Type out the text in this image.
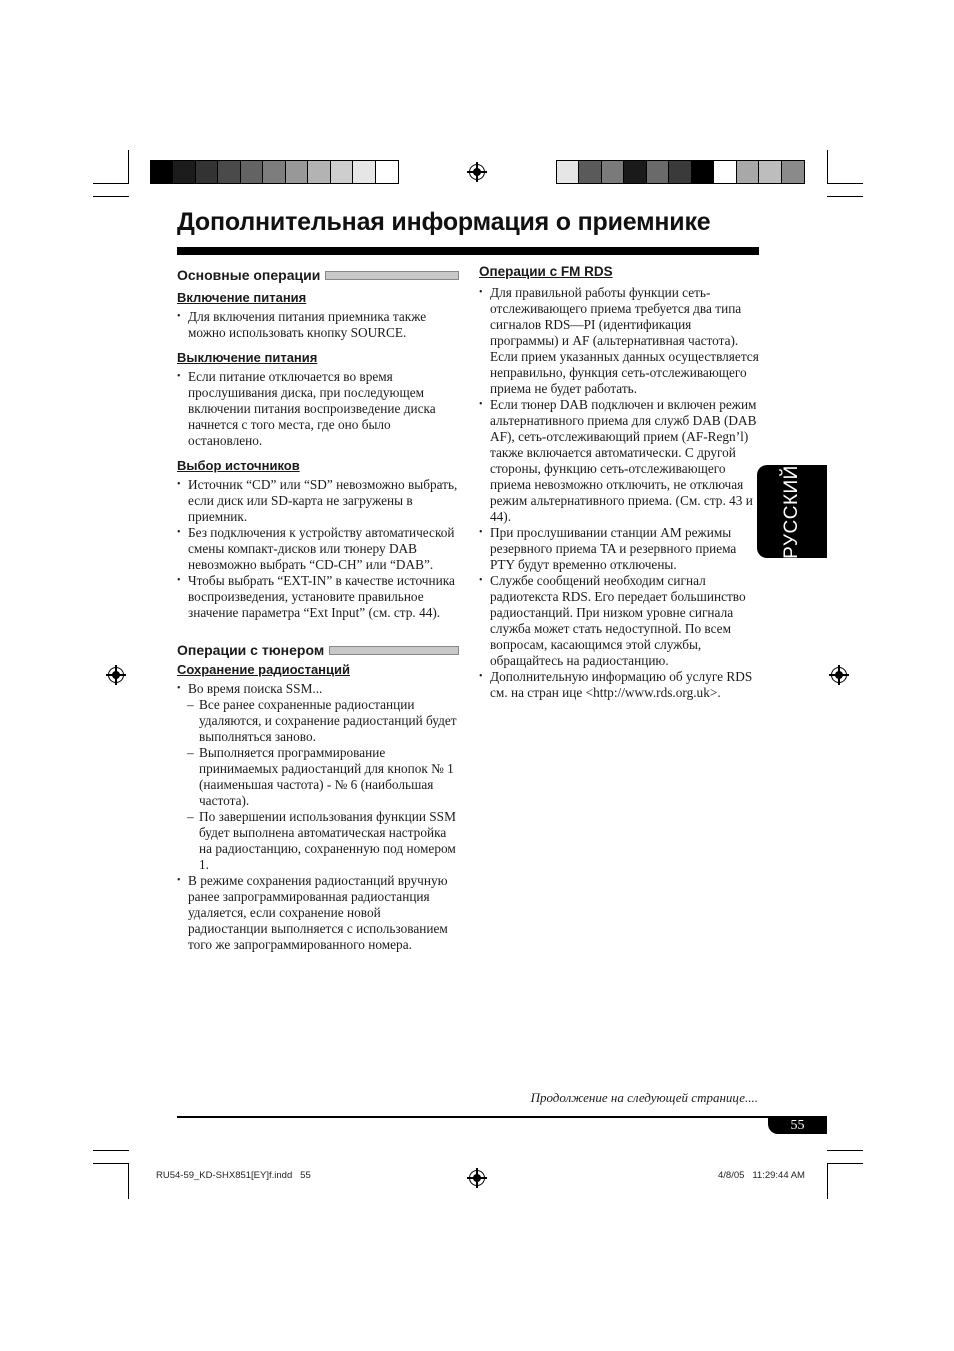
Дополнительная информация о приемнике
РУССКИЙ
Основные операции
Включение питания
• Для включения питания приемника также можно использовать кнопку SOURCE.
Выключение питания
• Если питание отключается во время прослушивания диска, при последующем включении питания воспроизведение диска начнется с того места, где оно было остановлено.
Выбор источников
• Источник “CD” или “SD” невозможно выбрать, если диск или SD-карта не загружены в приемник.
• Без подключения к устройству автоматической смены компакт-дисков или тюнеру DAB невозможно выбрать “CD-CH” или “DAB”.
• Чтобы выбрать “EXT-IN” в качестве источника воспроизведения, установите правильное значение параметра “Ext Input” (см. стр. 44).
Операции с тюнером
Сохранение радиостанций
• Во время поиска SSM...
– Все ранее сохраненные радиостанции удаляются, и сохранение радиостанций будет выполняться заново.
– Выполняется программирование принимаемых радиостанций для кнопок № 1 (наименьшая частота) - № 6 (наибольшая частота).
– По завершении использования функции SSM будет выполнена автоматическая настройка на радиостанцию, сохраненную под номером 1.
• В режиме сохранения радиостанций вручную ранее запрограммированная радиостанция удаляется, если сохранение новой радиостанции выполняется с использованием того же запрограммированного номера.
Операции с FM RDS
• Для правильной работы функции сеть-отслеживающего приема требуется два типа сигналов RDS—PI (идентификация программы) и AF (альтернативная частота). Если прием указанных данных осуществляется неправильно, функция сеть-отслеживающего приема не будет работать.
• Если тюнер DAB подключен и включен режим альтернативного приема для служб DAB (DAB AF), сеть-отслеживающий прием (AF-Regn’l) также включается автоматически. С другой стороны, функцию сеть-отслеживающего приема невозможно отключить, не отключая режим альтернативного приема. (См. стр. 43 и 44).
• При прослушивании станции AM режимы резервного приема TA и резервного приема PTY будут временно отключены.
• Службе сообщений необходим сигнал радиотекста RDS. Его передает большинство радиостанций. При низком уровне сигнала служба может стать недоступной. По всем вопросам, касающимся этой службы, обращайтесь на радиостанцию.
• Дополнительную информацию об услуге RDS см. на стран ице <http://www.rds.org.uk>.
Продолжение на следующей странице....
55
RU54-59_KD-SHX851[EY]f.indd   55	4/8/05   11:29:44 AM
